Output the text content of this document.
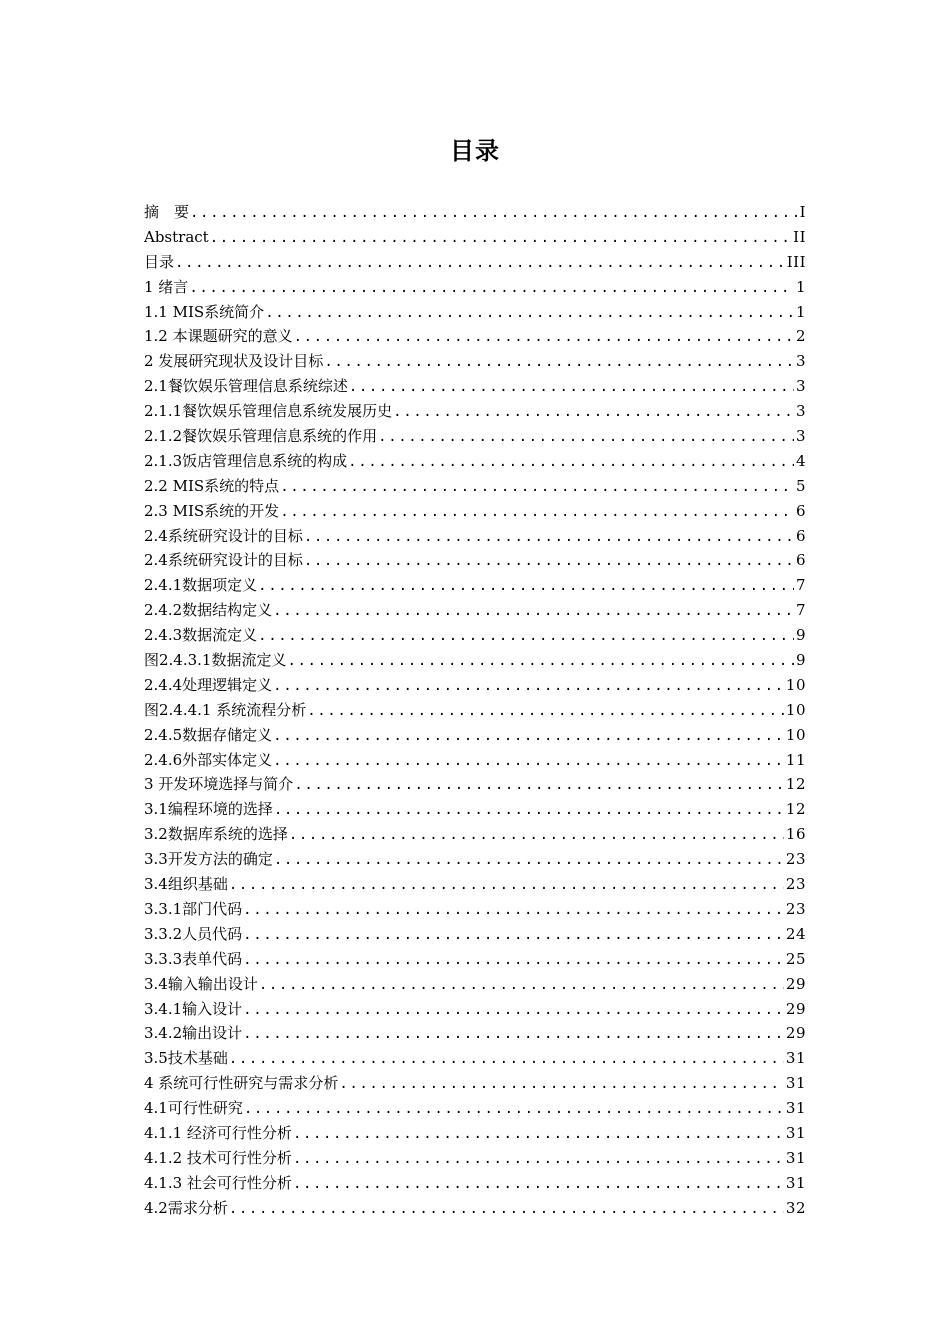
目录
摘　要 .....	I
Abstract .....	II
目录 .....	III
1 绪言 .....	1
1.1 MIS系统简介 .....	1
1.2 本课题研究的意义 .....	2
2 发展研究现状及设计目标 .....	3
2.1餐饮娱乐管理信息系统综述 .....	3
2.1.1餐饮娱乐管理信息系统发展历史 .....	3
2.1.2餐饮娱乐管理信息系统的作用 .....	3
2.1.3饭店管理信息系统的构成 .....	4
2.2 MIS系统的特点 .....	5
2.3 MIS系统的开发 .....	6
2.4系统研究设计的目标 .....	6
2.4系统研究设计的目标 .....	6
2.4.1数据项定义 .....	7
2.4.2数据结构定义 .....	7
2.4.3数据流定义 .....	9
图2.4.3.1数据流定义 .....	9
2.4.4处理逻辑定义 .....	10
图2.4.4.1 系统流程分析 .....	10
2.4.5数据存储定义 .....	10
2.4.6外部实体定义 .....	11
3 开发环境选择与简介 .....	12
3.1编程环境的选择 .....	12
3.2数据库系统的选择 .....	16
3.3开发方法的确定 .....	23
3.4组织基础 .....	23
3.3.1部门代码 .....	23
3.3.2人员代码 .....	24
3.3.3表单代码 .....	25
3.4输入输出设计 .....	29
3.4.1输入设计 .....	29
3.4.2输出设计 .....	29
3.5技术基础 .....	31
4 系统可行性研究与需求分析 .....	31
4.1可行性研究 .....	31
4.1.1 经济可行性分析 .....	31
4.1.2 技术可行性分析 .....	31
4.1.3 社会可行性分析 .....	31
4.2需求分析 .....	32
